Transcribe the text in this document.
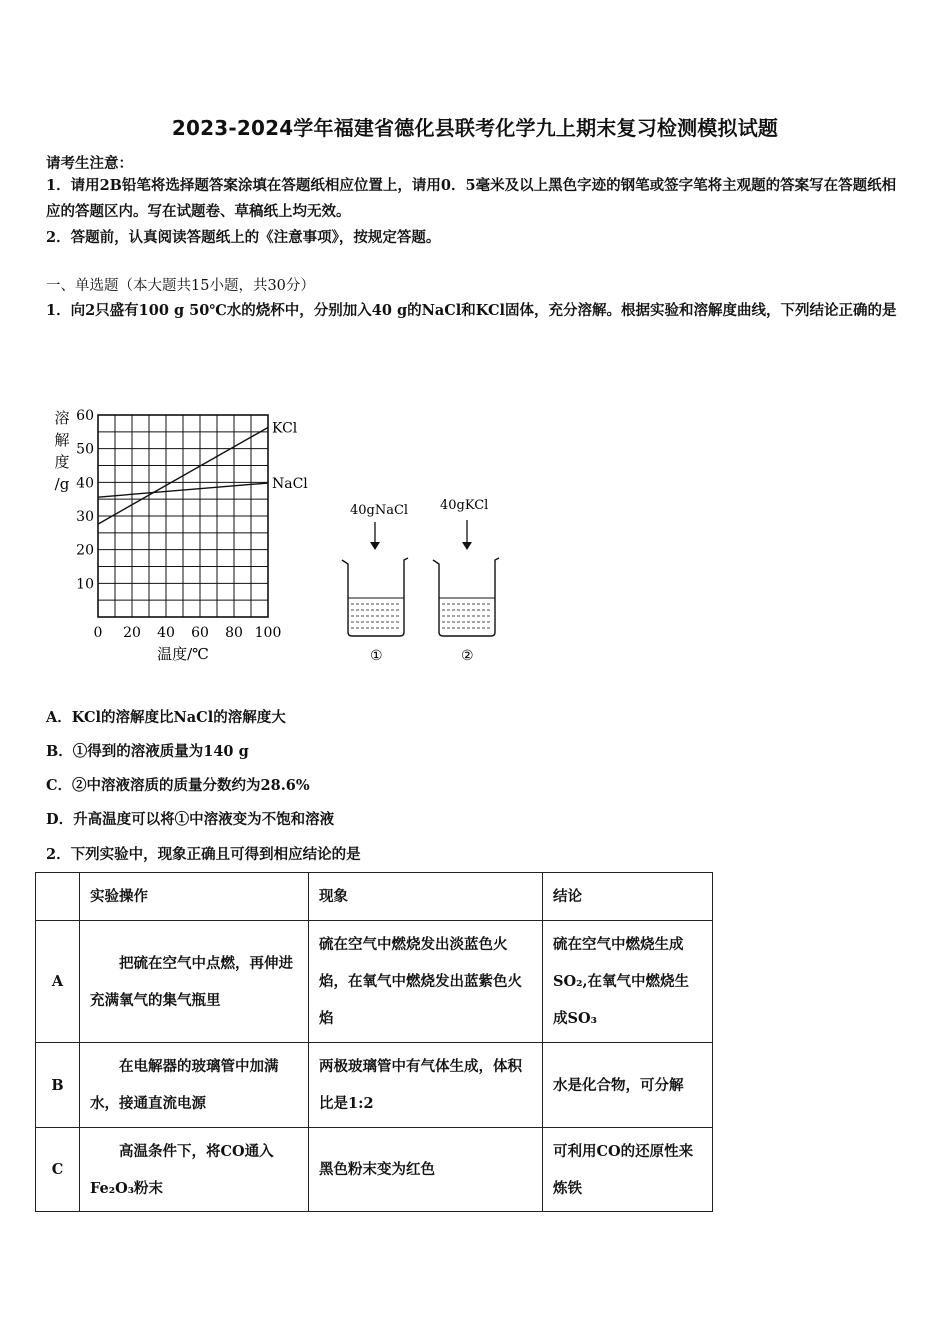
2023-2024学年福建省德化县联考化学九上期末复习检测模拟试题
请考生注意：
1．请用2B铅笔将选择题答案涂填在答题纸相应位置上，请用0．5毫米及以上黑色字迹的钢笔或签字笔将主观题的答案写在答题纸相应的答题区内。写在试题卷、草稿纸上均无效。
2．答题前，认真阅读答题纸上的《注意事项》，按规定答题。
一、单选题（本大题共15小题，共30分）
1．向2只盛有100 g 50℃水的烧杯中，分别加入40 g的NaCl和KCl固体，充分溶解。根据实验和溶解度曲线，下列结论正确的是
0 20 40 60 80 100
10
20
30
40
50
60
溶
解
度
/g
温度/℃
KCl
NaCl
40gNaCl
①
40gKCl
②
A．KCl的溶解度比NaCl的溶解度大
B．①得到的溶液质量为140 g
C．②中溶液溶质的质量分数约为28.6%
D．升高温度可以将①中溶液变为不饱和溶液
2．下列实验中，现象正确且可得到相应结论的是
	实验操作	现象	结论
A	把硫在空气中点燃，再伸进充满氧气的集气瓶里	硫在空气中燃烧发出淡蓝色火焰，在氧气中燃烧发出蓝紫色火焰	硫在空气中燃烧生成SO₂,在氧气中燃烧生成SO₃
B	在电解器的玻璃管中加满水，接通直流电源	两极玻璃管中有气体生成，体积比是1:2	水是化合物，可分解
C	高温条件下，将CO通入Fe₂O₃粉末	黑色粉末变为红色	可利用CO的还原性来炼铁
